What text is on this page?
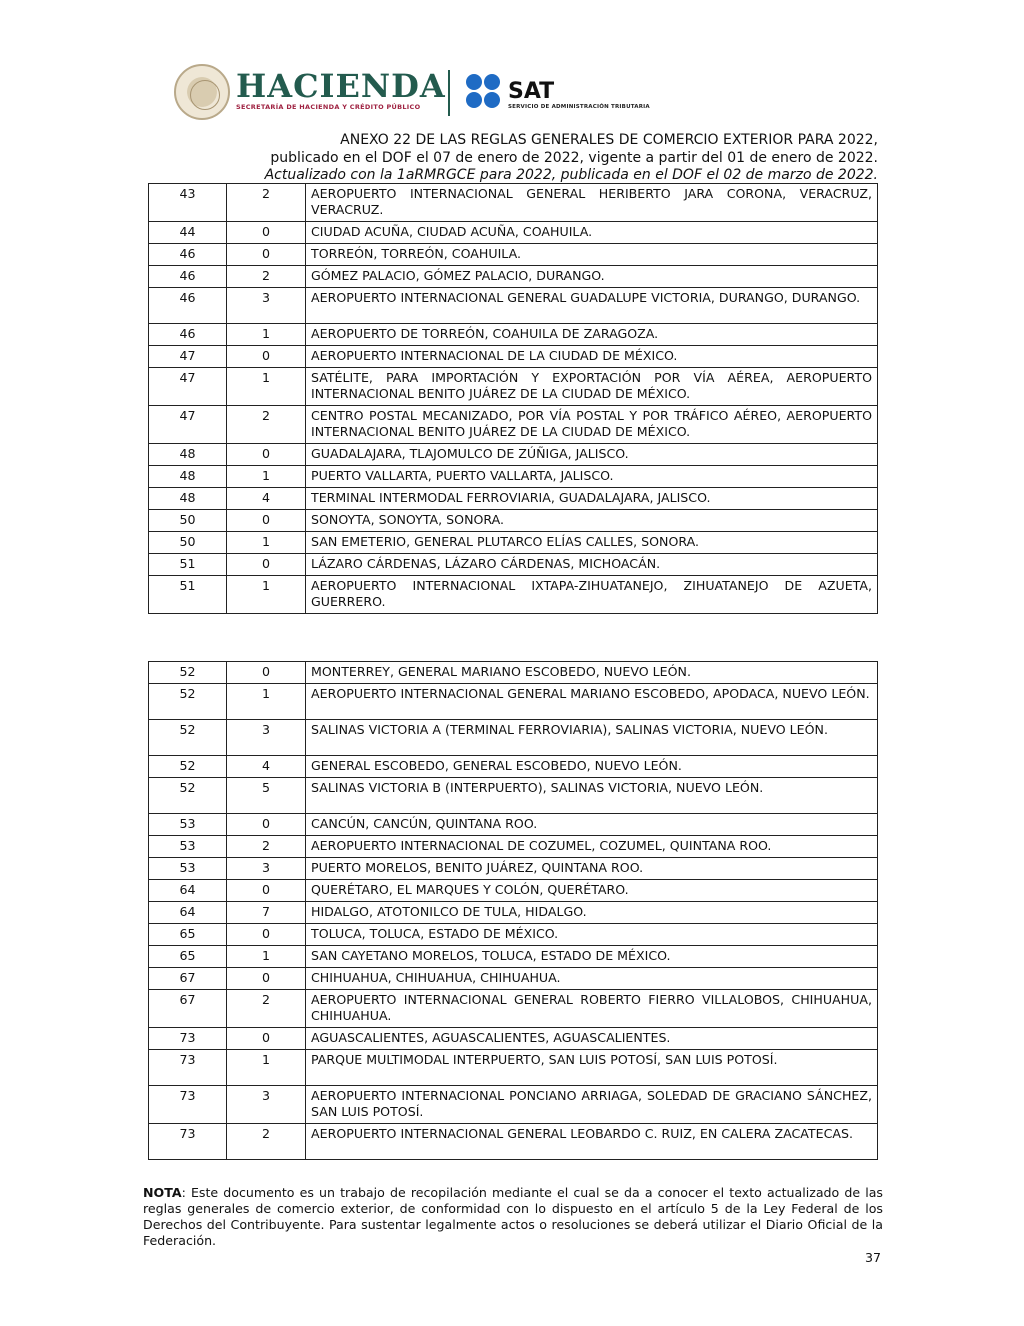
HACIENDA
SECRETARÍA DE HACIENDA Y CRÉDITO PÚBLICO
SAT
SERVICIO DE ADMINISTRACIÓN TRIBUTARIA
ANEXO 22 DE LAS REGLAS GENERALES DE COMERCIO EXTERIOR PARA 2022,
publicado en el DOF el 07 de enero de 2022, vigente a partir del 01 de enero de 2022.
Actualizado con la 1aRMRGCE para 2022, publicada en el DOF el 02 de marzo de 2022.
43	2	AEROPUERTO INTERNACIONAL GENERAL HERIBERTO JARA CORONA, VERACRUZ, VERACRUZ.
44	0	CIUDAD ACUÑA, CIUDAD ACUÑA, COAHUILA.
46	0	TORREÓN, TORREÓN, COAHUILA.
46	2	GÓMEZ PALACIO, GÓMEZ PALACIO, DURANGO.
46	3	AEROPUERTO INTERNACIONAL GENERAL GUADALUPE VICTORIA, DURANGO, DURANGO.
46	1	AEROPUERTO DE TORREÓN, COAHUILA DE ZARAGOZA.
47	0	AEROPUERTO INTERNACIONAL DE LA CIUDAD DE MÉXICO.
47	1	SATÉLITE, PARA IMPORTACIÓN Y EXPORTACIÓN POR VÍA AÉREA, AEROPUERTO INTERNACIONAL BENITO JUÁREZ DE LA CIUDAD DE MÉXICO.
47	2	CENTRO POSTAL MECANIZADO, POR VÍA POSTAL Y POR TRÁFICO AÉREO, AEROPUERTO INTERNACIONAL BENITO JUÁREZ DE LA CIUDAD DE MÉXICO.
48	0	GUADALAJARA, TLAJOMULCO DE ZÚÑIGA, JALISCO.
48	1	PUERTO VALLARTA, PUERTO VALLARTA, JALISCO.
48	4	TERMINAL INTERMODAL FERROVIARIA, GUADALAJARA, JALISCO.
50	0	SONOYTA, SONOYTA, SONORA.
50	1	SAN EMETERIO, GENERAL PLUTARCO ELÍAS CALLES, SONORA.
51	0	LÁZARO CÁRDENAS, LÁZARO CÁRDENAS, MICHOACÁN.
51	1	AEROPUERTO INTERNACIONAL IXTAPA-ZIHUATANEJO, ZIHUATANEJO DE AZUETA, GUERRERO.
52	0	MONTERREY, GENERAL MARIANO ESCOBEDO, NUEVO LEÓN.
52	1	AEROPUERTO INTERNACIONAL GENERAL MARIANO ESCOBEDO, APODACA, NUEVO LEÓN.
52	3	SALINAS VICTORIA A (TERMINAL FERROVIARIA), SALINAS VICTORIA, NUEVO LEÓN.
52	4	GENERAL ESCOBEDO, GENERAL ESCOBEDO, NUEVO LEÓN.
52	5	SALINAS VICTORIA B (INTERPUERTO), SALINAS VICTORIA, NUEVO LEÓN.
53	0	CANCÚN, CANCÚN, QUINTANA ROO.
53	2	AEROPUERTO INTERNACIONAL DE COZUMEL, COZUMEL, QUINTANA ROO.
53	3	PUERTO MORELOS, BENITO JUÁREZ, QUINTANA ROO.
64	0	QUERÉTARO, EL MARQUES Y COLÓN, QUERÉTARO.
64	7	HIDALGO, ATOTONILCO DE TULA, HIDALGO.
65	0	TOLUCA, TOLUCA, ESTADO DE MÉXICO.
65	1	SAN CAYETANO MORELOS, TOLUCA, ESTADO DE MÉXICO.
67	0	CHIHUAHUA, CHIHUAHUA, CHIHUAHUA.
67	2	AEROPUERTO INTERNACIONAL GENERAL ROBERTO FIERRO VILLALOBOS, CHIHUAHUA, CHIHUAHUA.
73	0	AGUASCALIENTES, AGUASCALIENTES, AGUASCALIENTES.
73	1	PARQUE MULTIMODAL INTERPUERTO, SAN LUIS POTOSÍ, SAN LUIS POTOSÍ.
73	3	AEROPUERTO INTERNACIONAL PONCIANO ARRIAGA, SOLEDAD DE GRACIANO SÁNCHEZ, SAN LUIS POTOSÍ.
73	2	AEROPUERTO INTERNACIONAL GENERAL LEOBARDO C. RUIZ, EN CALERA ZACATECAS.
NOTA: Este documento es un trabajo de recopilación mediante el cual se da a conocer el texto actualizado de las reglas generales de comercio exterior, de conformidad con lo dispuesto en el artículo 5 de la Ley Federal de los Derechos del Contribuyente. Para sustentar legalmente actos o resoluciones se deberá utilizar el Diario Oficial de la Federación.
37
